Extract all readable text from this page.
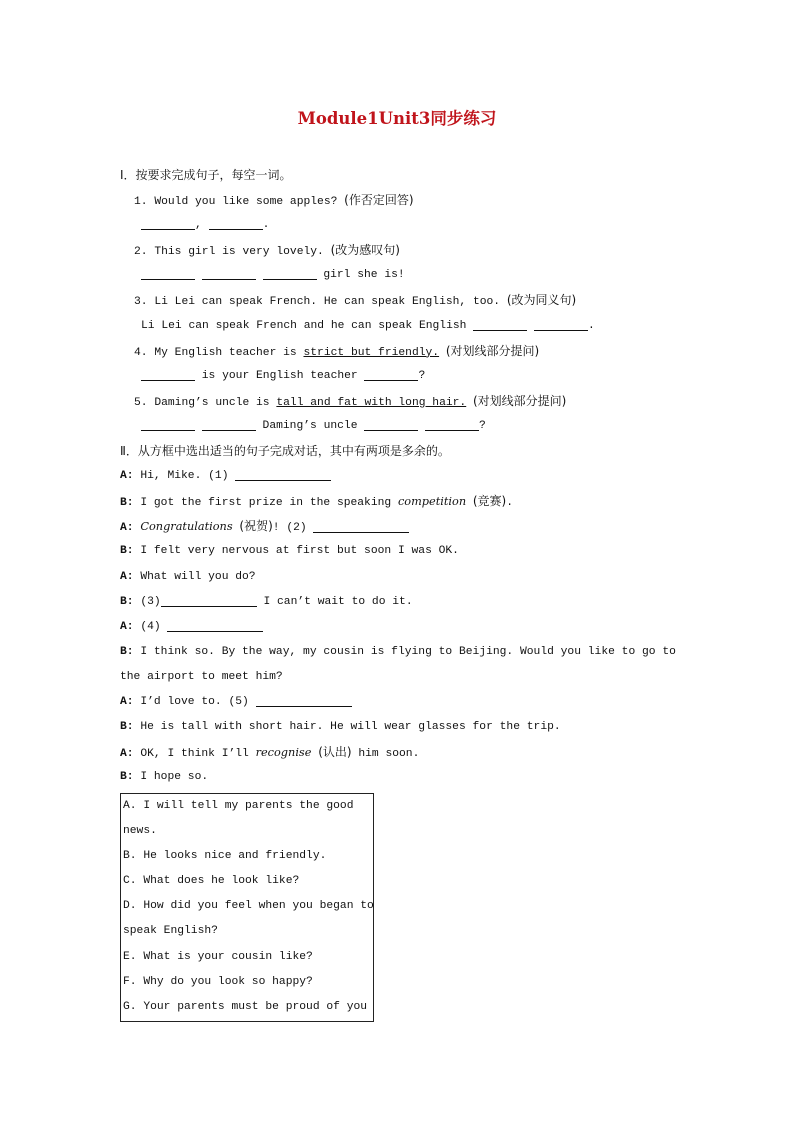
Module1Unit3同步练习
Ⅰ．按要求完成句子，每空一词。
1. Would you like some apples? (作否定回答)
,	.
2. This girl is very lovely. (改为感叹句)
girl she is!
3. Li Lei can speak French. He can speak English, too. (改为同义句)
Li Lei can speak French and he can speak English	.
4. My English teacher is strict but friendly. (对划线部分提问)
is your English teacher	?
5. Daming’s uncle is tall and fat with long hair. (对划线部分提问)
Daming’s uncle	?
Ⅱ．从方框中选出适当的句子完成对话，其中有两项是多余的。
A: Hi, Mike. (1)
B: I got the first prize in the speaking competition (竞赛).
A: Congratulations (祝贺)! (2)
B: I felt very nervous at first but soon I was OK.
A: What will you do?
B: (3)	I can’t wait to do it.
A: (4)
B: I think so. By the way, my cousin is flying to Beijing. Would you like to go to
the airport to meet him?
A: I’d love to. (5)
B: He is tall with short hair. He will wear glasses for the trip.
A: OK, I think I’ll recognise (认出) him soon.
B: I hope so.
A. I will tell my parents the good
news.
B. He looks nice and friendly.
C. What does he look like?
D. How did you feel when you began to
speak English?
E. What is your cousin like?
F. Why do you look so happy?
G. Your parents must be proud of you
